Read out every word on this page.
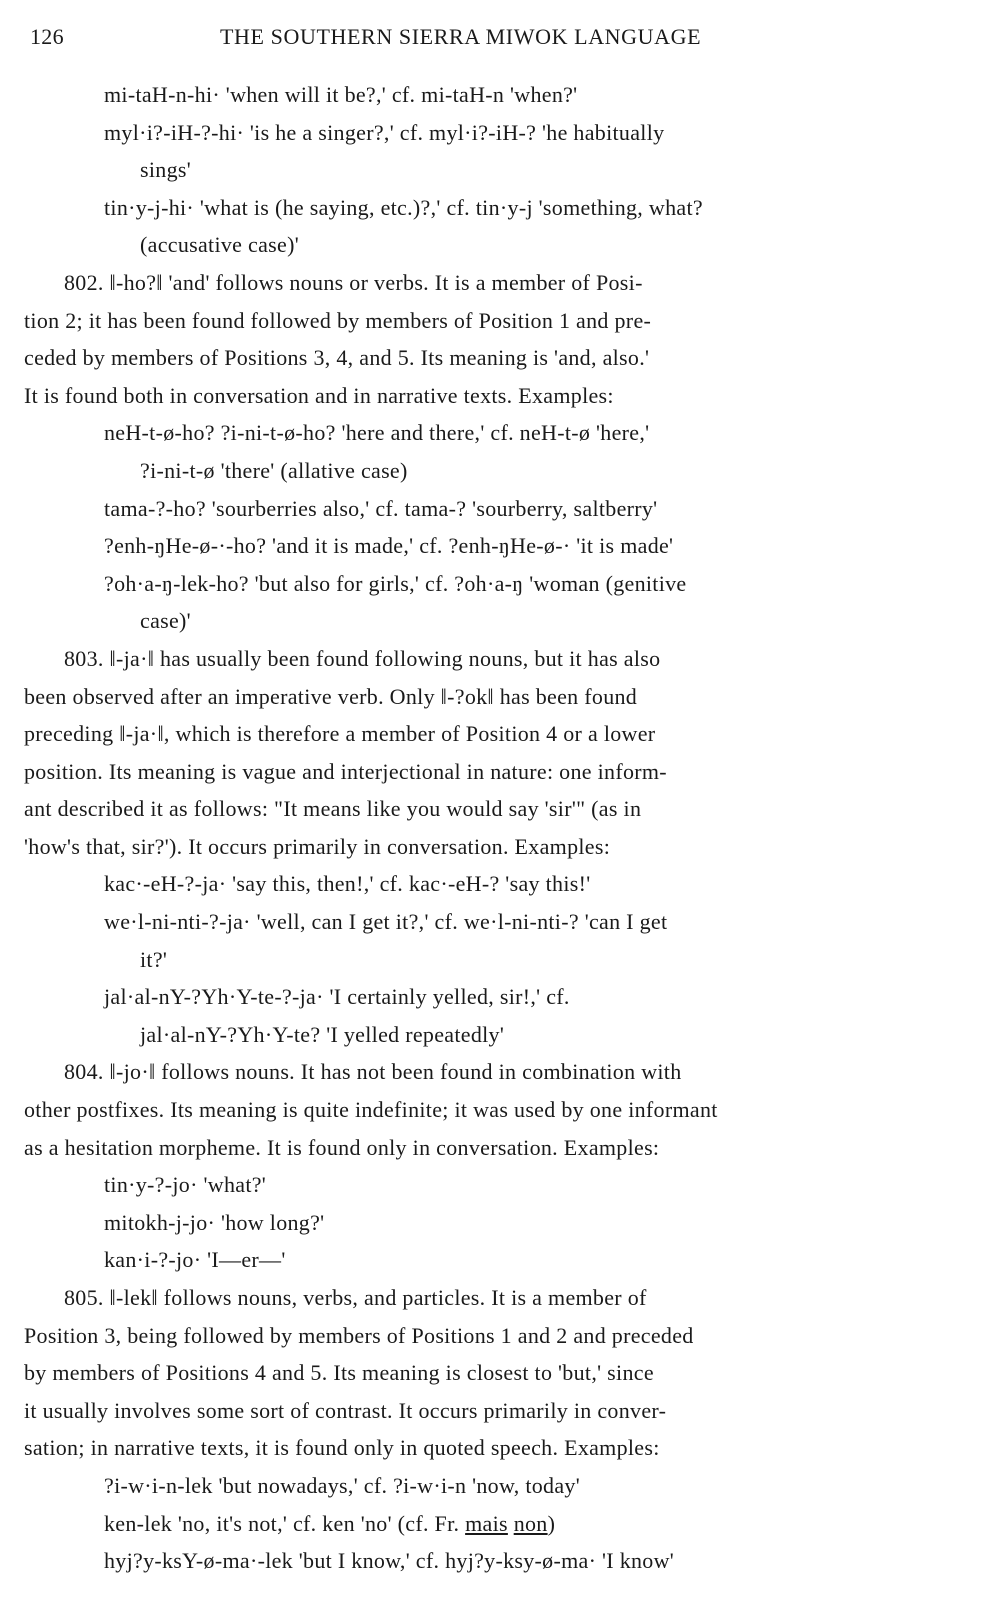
126	THE SOUTHERN SIERRA MIWOK LANGUAGE
mi-taH-n-hi· 'when will it be?,' cf. mi-taH-n 'when?'
myl·i?-iH-?-hi· 'is he a singer?,' cf. myl·i?-iH-? 'he habitually
sings'
tin·y-j-hi· 'what is (he saying, etc.)?,' cf. tin·y-j 'something, what?
(accusative case)'
802. ‖-ho?‖ 'and' follows nouns or verbs. It is a member of Posi-
tion 2; it has been found followed by members of Position 1 and pre-
ceded by members of Positions 3, 4, and 5. Its meaning is 'and, also.'
It is found both in conversation and in narrative texts. Examples:
neH-t-ø-ho? ?i-ni-t-ø-ho? 'here and there,' cf. neH-t-ø 'here,'
?i-ni-t-ø 'there' (allative case)
tama-?-ho? 'sourberries also,' cf. tama-? 'sourberry, saltberry'
?enh-ŋHe-ø-·-ho? 'and it is made,' cf. ?enh-ŋHe-ø-· 'it is made'
?oh·a-ŋ-lek-ho? 'but also for girls,' cf. ?oh·a-ŋ 'woman (genitive
case)'
803. ‖-ja·‖ has usually been found following nouns, but it has also
been observed after an imperative verb. Only ‖-?ok‖ has been found
preceding ‖-ja·‖, which is therefore a member of Position 4 or a lower
position. Its meaning is vague and interjectional in nature: one inform-
ant described it as follows: "It means like you would say 'sir'" (as in
'how's that, sir?'). It occurs primarily in conversation. Examples:
kac·-eH-?-ja· 'say this, then!,' cf. kac·-eH-? 'say this!'
we·l-ni-nti-?-ja· 'well, can I get it?,' cf. we·l-ni-nti-? 'can I get
it?'
jal·al-nY-?Yh·Y-te-?-ja· 'I certainly yelled, sir!,' cf.
jal·al-nY-?Yh·Y-te? 'I yelled repeatedly'
804. ‖-jo·‖ follows nouns. It has not been found in combination with
other postfixes. Its meaning is quite indefinite; it was used by one informant
as a hesitation morpheme. It is found only in conversation. Examples:
tin·y-?-jo· 'what?'
mitokh-j-jo· 'how long?'
kan·i-?-jo· 'I—er—'
805. ‖-lek‖ follows nouns, verbs, and particles. It is a member of
Position 3, being followed by members of Positions 1 and 2 and preceded
by members of Positions 4 and 5. Its meaning is closest to 'but,' since
it usually involves some sort of contrast. It occurs primarily in conver-
sation; in narrative texts, it is found only in quoted speech. Examples:
?i-w·i-n-lek 'but nowadays,' cf. ?i-w·i-n 'now, today'
ken-lek 'no, it's not,' cf. ken 'no' (cf. Fr. mais non)
hyj?y-ksY-ø-ma·-lek 'but I know,' cf. hyj?y-ksy-ø-ma· 'I know'
